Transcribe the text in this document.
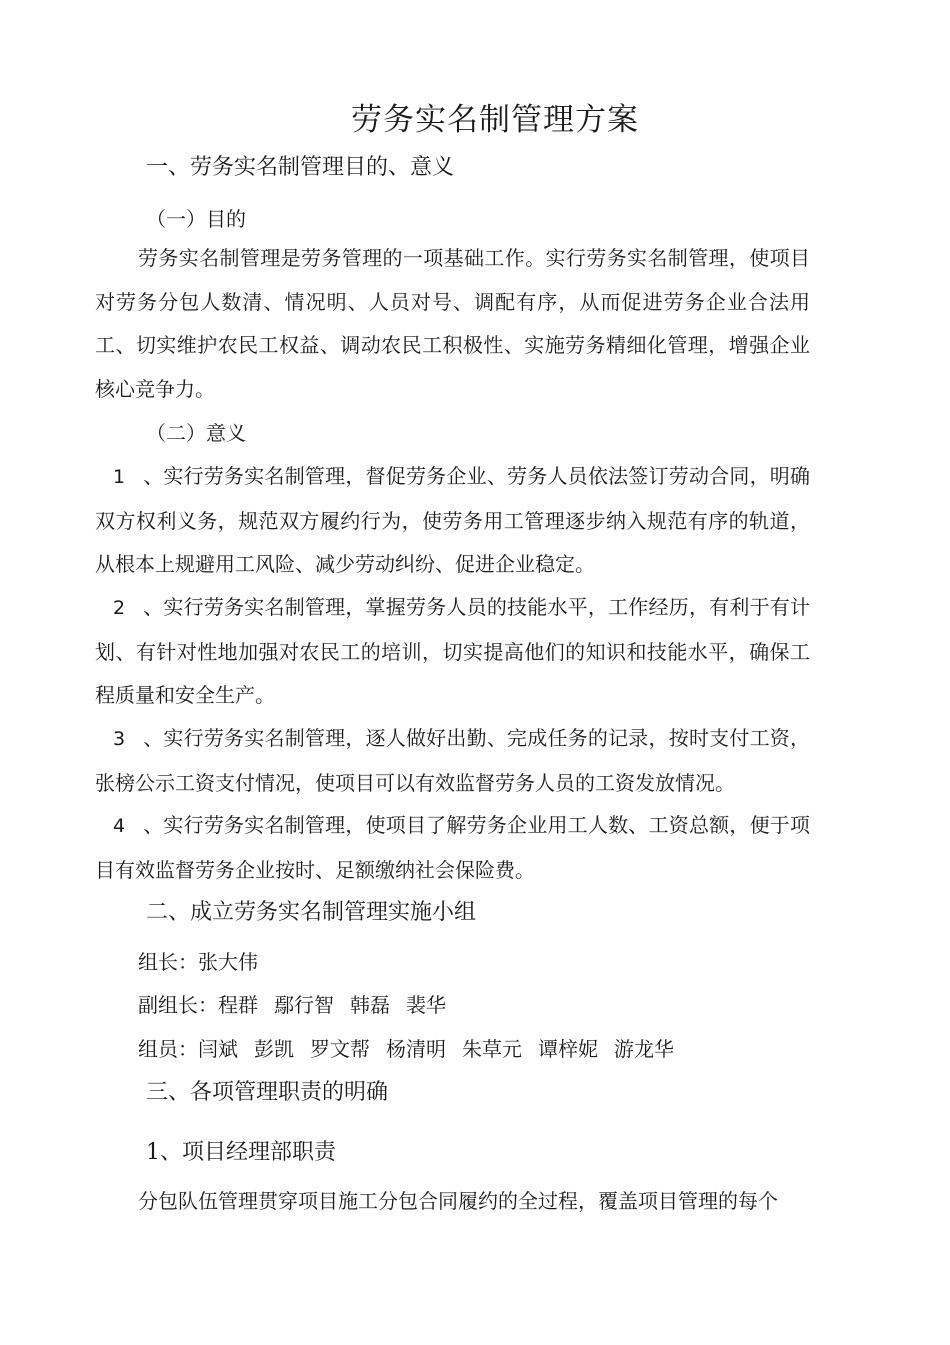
劳务实名制管理方案
一、劳务实名制管理目的、意义
（一）目的
劳务实名制管理是劳务管理的一项基础工作。实行劳务实名制管理，使项目对劳务分包人数清、情况明、人员对号、调配有序，从而促进劳务企业合法用工、切实维护农民工权益、调动农民工积极性、实施劳务精细化管理，增强企业核心竞争力。
（二）意义
1 、实行劳务实名制管理，督促劳务企业、劳务人员依法签订劳动合同，明确双方权利义务，规范双方履约行为，使劳务用工管理逐步纳入规范有序的轨道，从根本上规避用工风险、减少劳动纠纷、促进企业稳定。
2 、实行劳务实名制管理，掌握劳务人员的技能水平，工作经历，有利于有计划、有针对性地加强对农民工的培训，切实提高他们的知识和技能水平，确保工程质量和安全生产。
3 、实行劳务实名制管理，逐人做好出勤、完成任务的记录，按时支付工资，张榜公示工资支付情况，使项目可以有效监督劳务人员的工资发放情况。
4 、实行劳务实名制管理，使项目了解劳务企业用工人数、工资总额，便于项目有效监督劳务企业按时、足额缴纳社会保险费。
二、成立劳务实名制管理实施小组
组长：张大伟
副组长：程群 鄢行智 韩磊 裴华
组员：闫斌 彭凯 罗文帮 杨清明 朱草元 谭梓妮 游龙华
三、各项管理职责的明确
1、项目经理部职责
分包队伍管理贯穿项目施工分包合同履约的全过程，覆盖项目管理的每个
